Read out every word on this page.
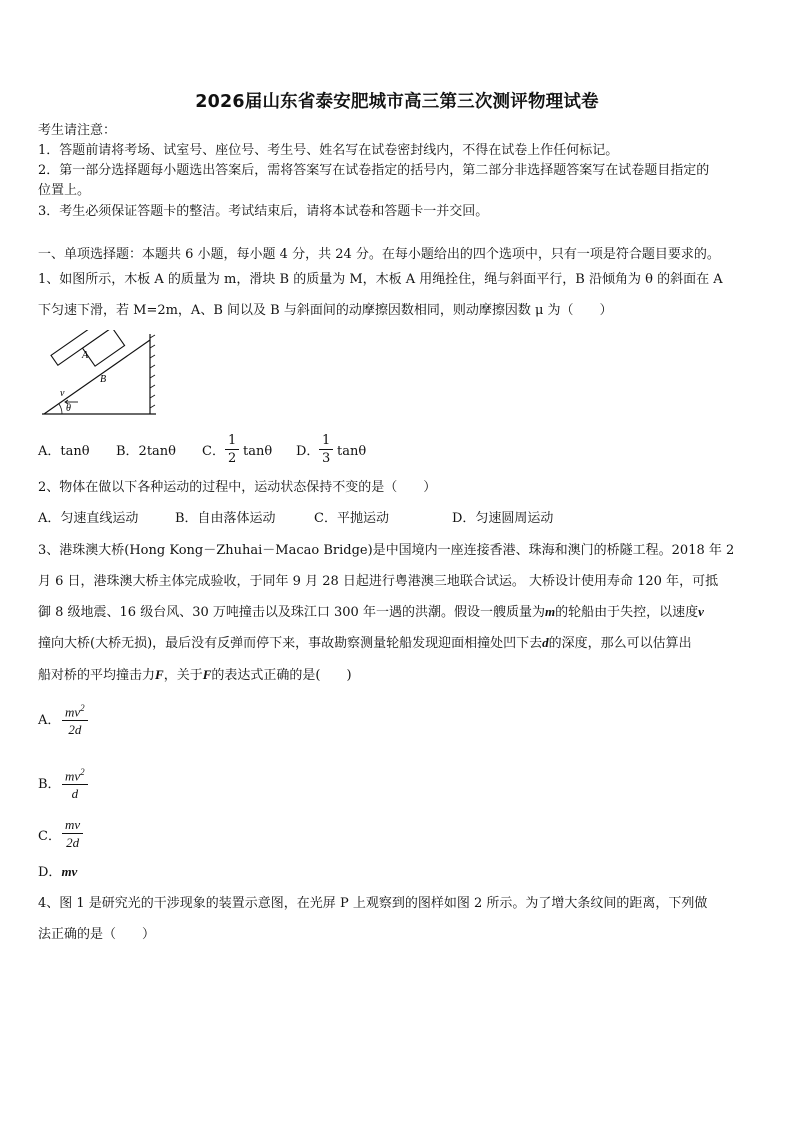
2026届山东省泰安肥城市高三第三次测评物理试卷
考生请注意：
1．答题前请将考场、试室号、座位号、考生号、姓名写在试卷密封线内，不得在试卷上作任何标记。
2．第一部分选择题每小题选出答案后，需将答案写在试卷指定的括号内，第二部分非选择题答案写在试卷题目指定的
位置上。
3．考生必须保证答题卡的整洁。考试结束后，请将本试卷和答题卡一并交回。
一、单项选择题：本题共 6 小题，每小题 4 分，共 24 分。在每小题给出的四个选项中，只有一项是符合题目要求的。
1、如图所示，木板 A 的质量为 m，滑块 B 的质量为 M，木板 A 用绳拴住，绳与斜面平行，B 沿倾角为 θ 的斜面在 A
下匀速下滑，若 M=2m，A、B 间以及 B 与斜面间的动摩擦因数相同，则动摩擦因数 μ 为（　　）
A
B
v
θ
A．tanθ B．2tanθ C． $\frac{1}{2}$ tanθ D． $\frac{1}{3}$ tanθ
2、物体在做以下各种运动的过程中，运动状态保持不变的是（　　）
A．匀速直线运动	B．自由落体运动	C．平抛运动	D．匀速圆周运动
3、港珠澳大桥(Hong Kong－Zhuhai－Macao Bridge)是中国境内一座连接香港、珠海和澳门的桥隧工程。2018 年 2
月 6 日，港珠澳大桥主体完成验收，于同年 9 月 28 日起进行粤港澳三地联合试运。 大桥设计使用寿命 120 年，可抵
御 8 级地震、16 级台风、30 万吨撞击以及珠江口 300 年一遇的洪潮。假设一艘质量为m的轮船由于失控，以速度v
撞向大桥(大桥无损)，最后没有反弹而停下来，事故勘察测量轮船发现迎面相撞处凹下去d的深度，那么可以估算出
船对桥的平均撞击力F，关于F的表达式正确的是(　　)
A． $\frac{mv^2}{2d}$
B． $\frac{mv^2}{d}$
C． $\frac{mv}{2d}$
D．mv
4、图 1 是研究光的干涉现象的装置示意图，在光屏 P 上观察到的图样如图 2 所示。为了增大条纹间的距离，下列做
法正确的是（　　）
